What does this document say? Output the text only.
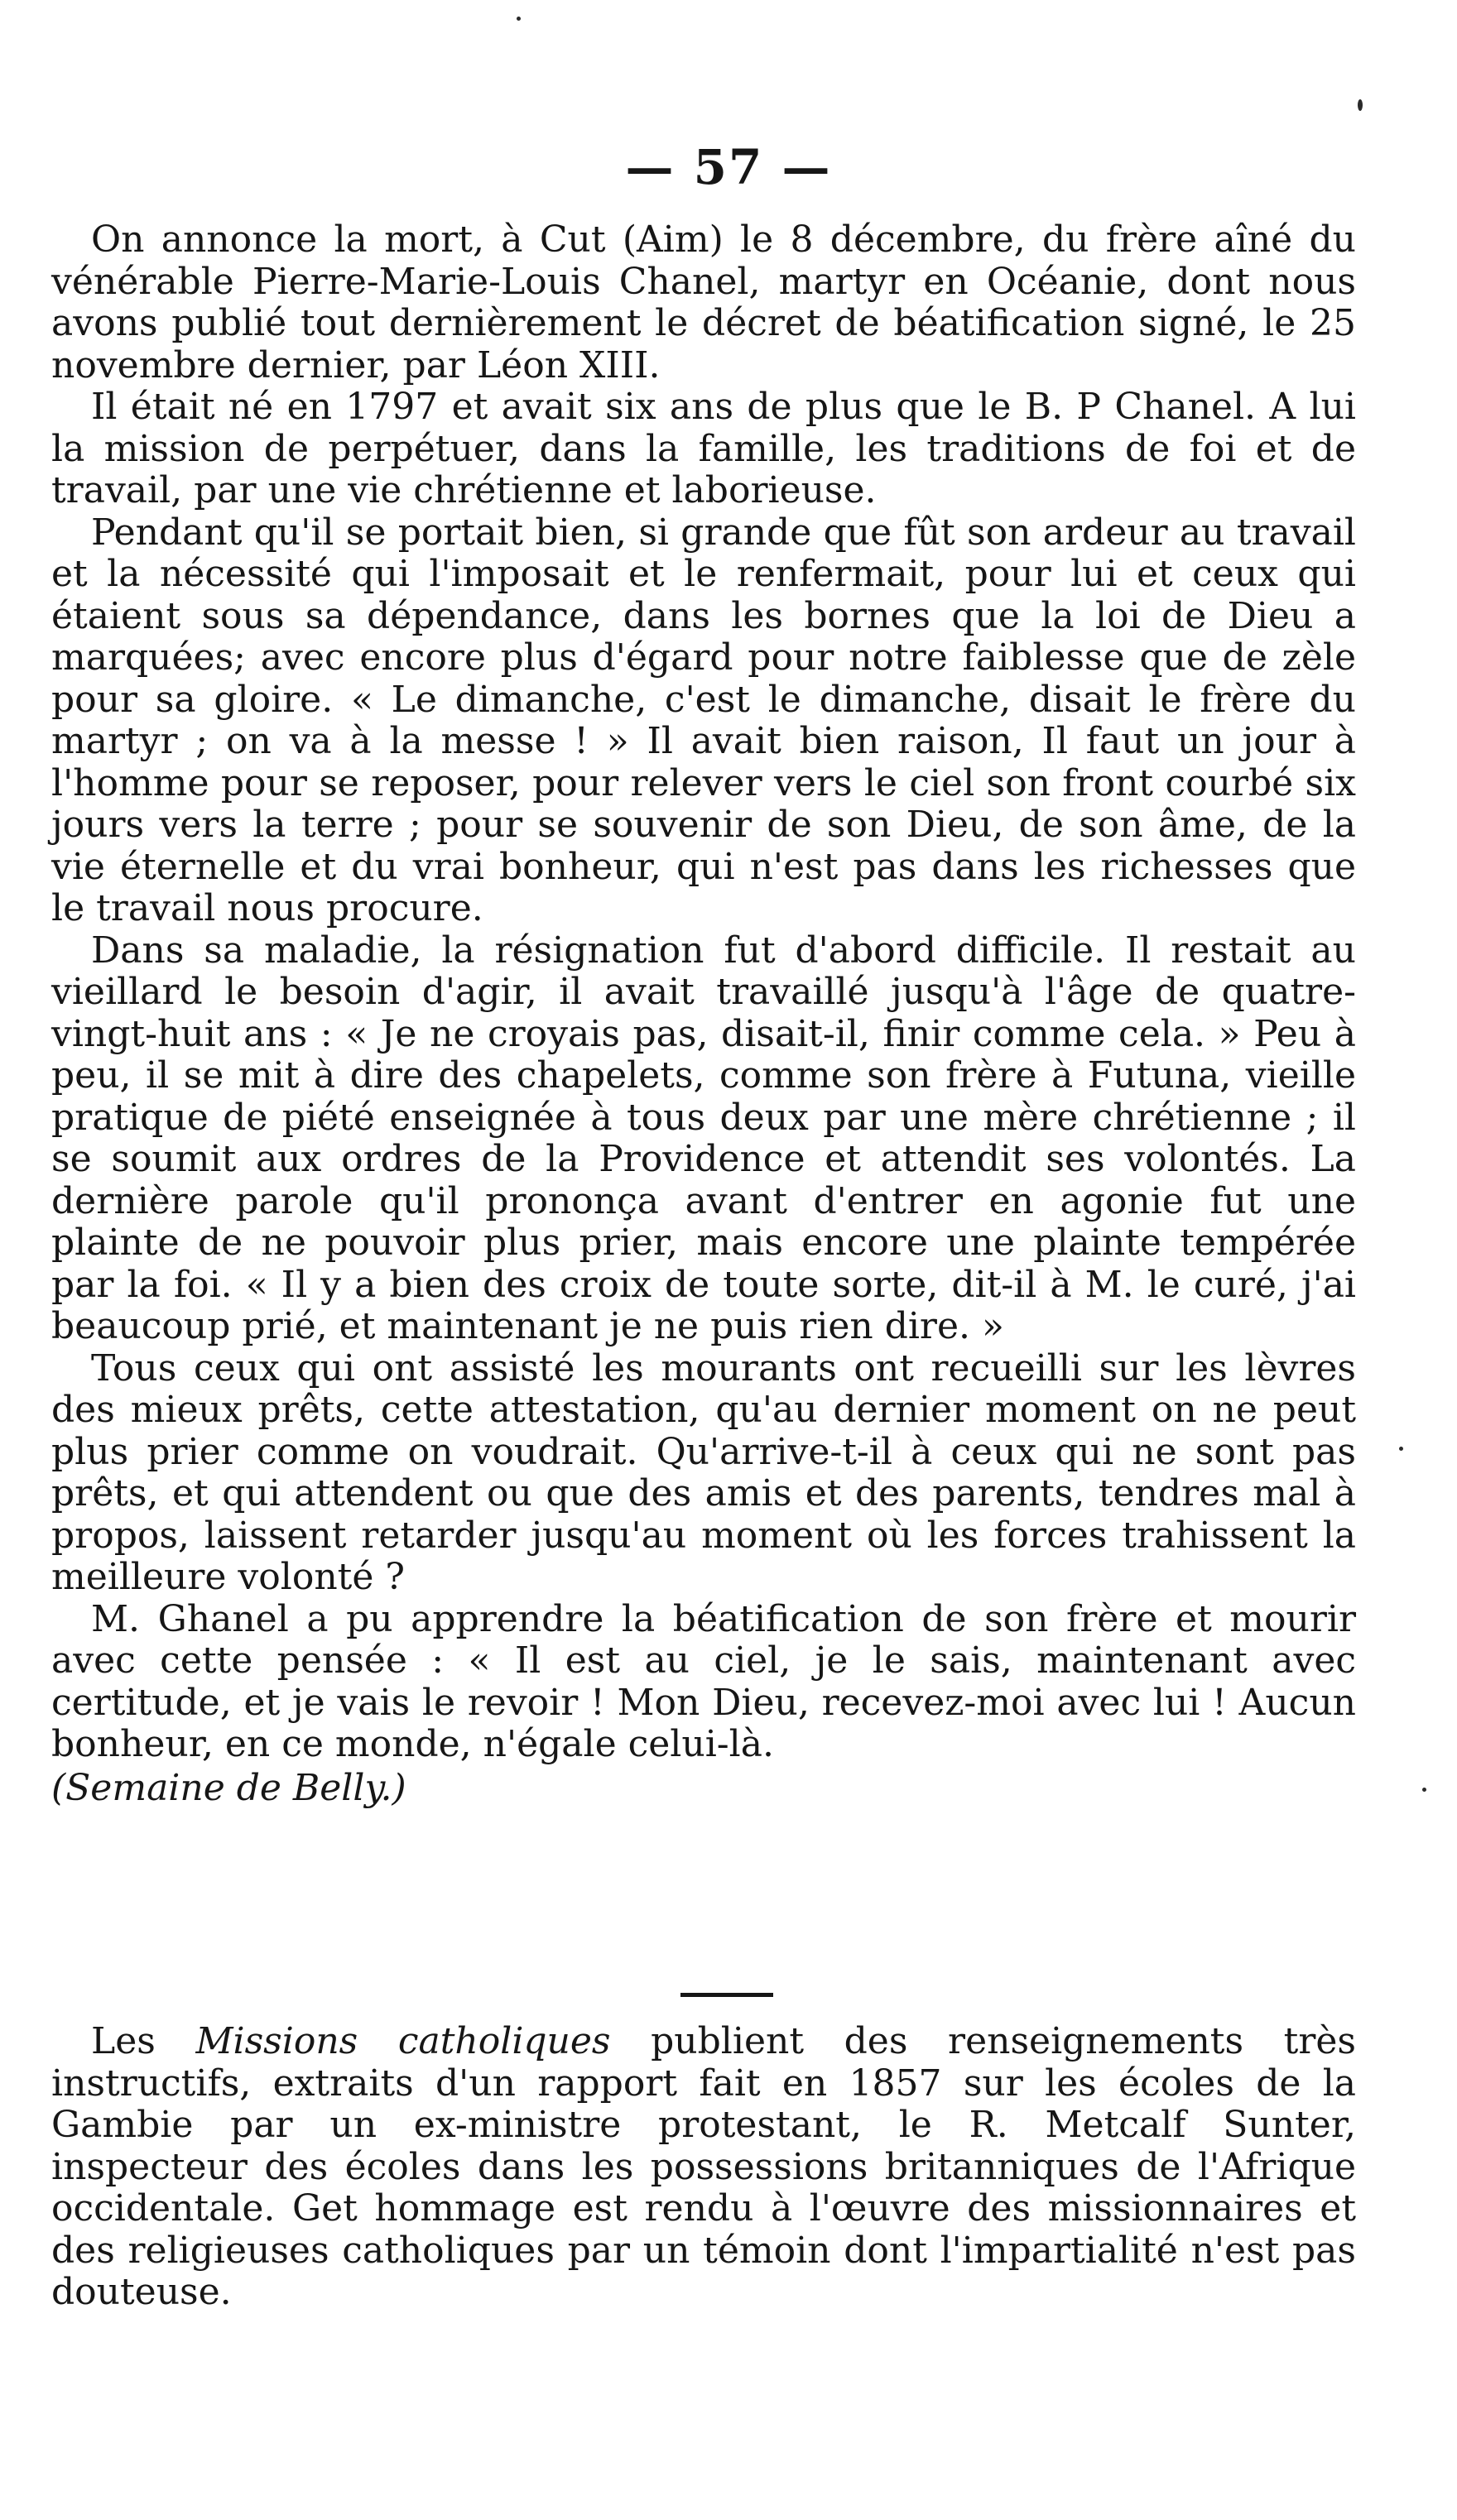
— 57 —

On annonce la mort, à Cut (Aim) le 8 décembre, du frère aîné du vénérable Pierre-Marie-Louis Chanel, martyr en Océanie, dont nous avons publié tout dernièrement le décret de béatification signé, le 25 novembre dernier, par Léon XIII.

Il était né en 1797 et avait six ans de plus que le B. P Chanel. A lui la mission de perpétuer, dans la famille, les traditions de foi et de travail, par une vie chrétienne et laborieuse.

Pendant qu'il se portait bien, si grande que fût son ardeur au travail et la nécessité qui l'imposait et le renfermait, pour lui et ceux qui étaient sous sa dépendance, dans les bornes que la loi de Dieu a marquées; avec encore plus d'égard pour notre faiblesse que de zèle pour sa gloire. « Le dimanche, c'est le dimanche, disait le frère du martyr ; on va à la messe ! » Il avait bien raison, Il faut un jour à l'homme pour se reposer, pour relever vers le ciel son front courbé six jours vers la terre ; pour se souvenir de son Dieu, de son âme, de la vie éternelle et du vrai bonheur, qui n'est pas dans les richesses que le travail nous procure.

Dans sa maladie, la résignation fut d'abord difficile. Il restait au vieillard le besoin d'agir, il avait travaillé jusqu'à l'âge de quatre-vingt-huit ans : « Je ne croyais pas, disait-il, finir comme cela. » Peu à peu, il se mit à dire des chapelets, comme son frère à Futuna, vieille pratique de piété enseignée à tous deux par une mère chrétienne ; il se soumit aux ordres de la Providence et attendit ses volontés. La dernière parole qu'il prononça avant d'entrer en agonie fut une plainte de ne pouvoir plus prier, mais encore une plainte tempérée par la foi. « Il y a bien des croix de toute sorte, dit-il à M. le curé, j'ai beaucoup prié, et maintenant je ne puis rien dire. »

Tous ceux qui ont assisté les mourants ont recueilli sur les lèvres des mieux prêts, cette attestation, qu'au dernier moment on ne peut plus prier comme on voudrait. Qu'arrive-t-il à ceux qui ne sont pas prêts, et qui attendent ou que des amis et des parents, tendres mal à propos, laissent retarder jusqu'au moment où les forces trahissent la meilleure volonté ?

M. Ghanel a pu apprendre la béatification de son frère et mourir avec cette pensée : « Il est au ciel, je le sais, maintenant avec certitude, et je vais le revoir ! Mon Dieu, recevez-moi avec lui ! Aucun bonheur, en ce monde, n'égale celui-là.

(Semaine de Belly.)

Les Missions catholiques publient des renseignements très instructifs, extraits d'un rapport fait en 1857 sur les écoles de la Gambie par un ex-ministre protestant, le R. Metcalf Sunter, inspecteur des écoles dans les possessions britanniques de l'Afrique occidentale. Get hommage est rendu à l'œuvre des missionnaires et des religieuses catholiques par un témoin dont l'impartialité n'est pas douteuse.
